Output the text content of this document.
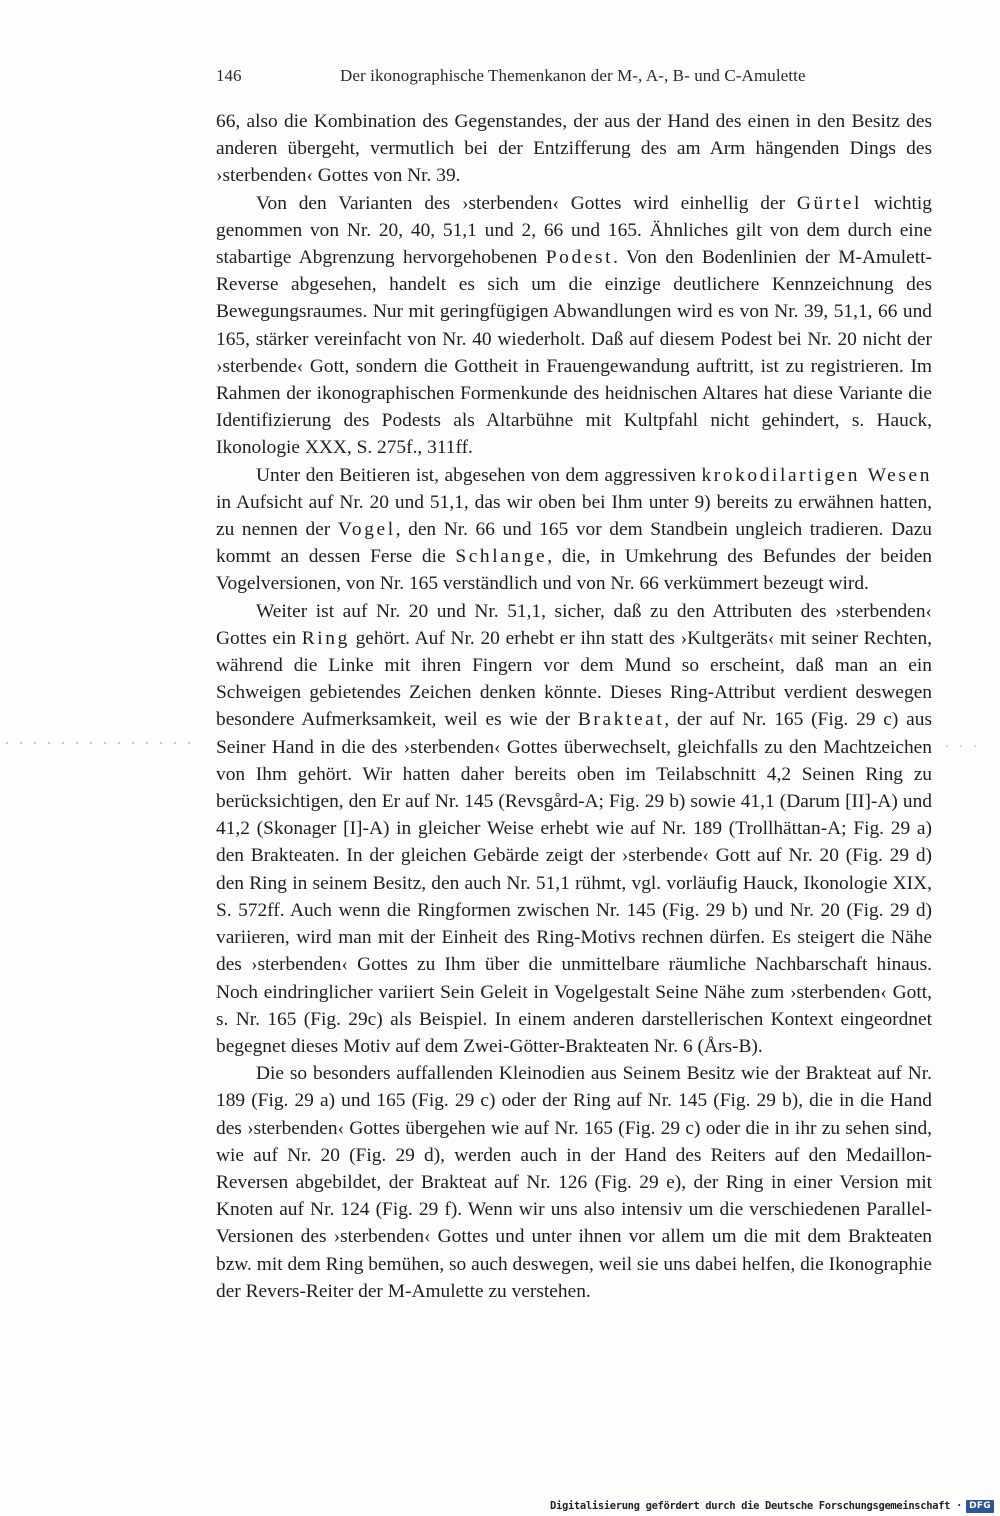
146	Der ikonographische Themenkanon der M-, A-, B- und C-Amulette

66, also die Kombination des Gegenstandes, der aus der Hand des einen in den Besitz des anderen übergeht, vermutlich bei der Entzifferung des am Arm hängenden Dings des ›sterbenden‹ Gottes von Nr. 39.

Von den Varianten des ›sterbenden‹ Gottes wird einhellig der Gürtel wichtig genommen von Nr. 20, 40, 51,1 und 2, 66 und 165. Ähnliches gilt von dem durch eine stabartige Abgrenzung hervorgehobenen Podest. Von den Bodenlinien der M-Amulett-Reverse abgesehen, handelt es sich um die einzige deutlichere Kennzeichnung des Bewegungsraumes. Nur mit geringfügigen Abwandlungen wird es von Nr. 39, 51,1, 66 und 165, stärker vereinfacht von Nr. 40 wiederholt. Daß auf diesem Podest bei Nr. 20 nicht der ›sterbende‹ Gott, sondern die Gottheit in Frauengewandung auftritt, ist zu registrieren. Im Rahmen der ikonographischen Formenkunde des heidnischen Altares hat diese Variante die Identifizierung des Podests als Altarbühne mit Kultpfahl nicht gehindert, s. Hauck, Ikonologie XXX, S. 275f., 311ff.

Unter den Beitieren ist, abgesehen von dem aggressiven krokodilartigen Wesen in Aufsicht auf Nr. 20 und 51,1, das wir oben bei Ihm unter 9) bereits zu erwähnen hatten, zu nennen der Vogel, den Nr. 66 und 165 vor dem Standbein ungleich tradieren. Dazu kommt an dessen Ferse die Schlange, die, in Umkehrung des Befundes der beiden Vogelversionen, von Nr. 165 verständlich und von Nr. 66 verkümmert bezeugt wird.

Weiter ist auf Nr. 20 und Nr. 51,1, sicher, daß zu den Attributen des ›sterbenden‹ Gottes ein Ring gehört. Auf Nr. 20 erhebt er ihn statt des ›Kultgeräts‹ mit seiner Rechten, während die Linke mit ihren Fingern vor dem Mund so erscheint, daß man an ein Schweigen gebietendes Zeichen denken könnte. Dieses Ring-Attribut verdient deswegen besondere Aufmerksamkeit, weil es wie der Brakteat, der auf Nr. 165 (Fig. 29 c) aus Seiner Hand in die des ›sterbenden‹ Gottes überwechselt, gleichfalls zu den Machtzeichen von Ihm gehört. Wir hatten daher bereits oben im Teilabschnitt 4,2 Seinen Ring zu berücksichtigen, den Er auf Nr. 145 (Revsgård-A; Fig. 29 b) sowie 41,1 (Darum [II]-A) und 41,2 (Skonager [I]-A) in gleicher Weise erhebt wie auf Nr. 189 (Trollhättan-A; Fig. 29 a) den Brakteaten. In der gleichen Gebärde zeigt der ›sterbende‹ Gott auf Nr. 20 (Fig. 29 d) den Ring in seinem Besitz, den auch Nr. 51,1 rühmt, vgl. vorläufig Hauck, Ikonologie XIX, S. 572ff. Auch wenn die Ringformen zwischen Nr. 145 (Fig. 29 b) und Nr. 20 (Fig. 29 d) variieren, wird man mit der Einheit des Ring-Motivs rechnen dürfen. Es steigert die Nähe des ›sterbenden‹ Gottes zu Ihm über die unmittelbare räumliche Nachbarschaft hinaus. Noch eindringlicher variiert Sein Geleit in Vogelgestalt Seine Nähe zum ›sterbenden‹ Gott, s. Nr. 165 (Fig. 29c) als Beispiel. In einem anderen darstellerischen Kontext eingeordnet begegnet dieses Motiv auf dem Zwei-Götter-Brakteaten Nr. 6 (Års-B).

Die so besonders auffallenden Kleinodien aus Seinem Besitz wie der Brakteat auf Nr. 189 (Fig. 29 a) und 165 (Fig. 29 c) oder der Ring auf Nr. 145 (Fig. 29 b), die in die Hand des ›sterbenden‹ Gottes übergehen wie auf Nr. 165 (Fig. 29 c) oder die in ihr zu sehen sind, wie auf Nr. 20 (Fig. 29 d), werden auch in der Hand des Reiters auf den Medaillon-Reversen abgebildet, der Brakteat auf Nr. 126 (Fig. 29 e), der Ring in einer Version mit Knoten auf Nr. 124 (Fig. 29 f). Wenn wir uns also intensiv um die verschiedenen Parallel-Versionen des ›sterbenden‹ Gottes und unter ihnen vor allem um die mit dem Brakteaten bzw. mit dem Ring bemühen, so auch deswegen, weil sie uns dabei helfen, die Ikonographie der Revers-Reiter der M-Amulette zu verstehen.

Digitalisierung gefördert durch die Deutsche Forschungsgemeinschaft · DFG
